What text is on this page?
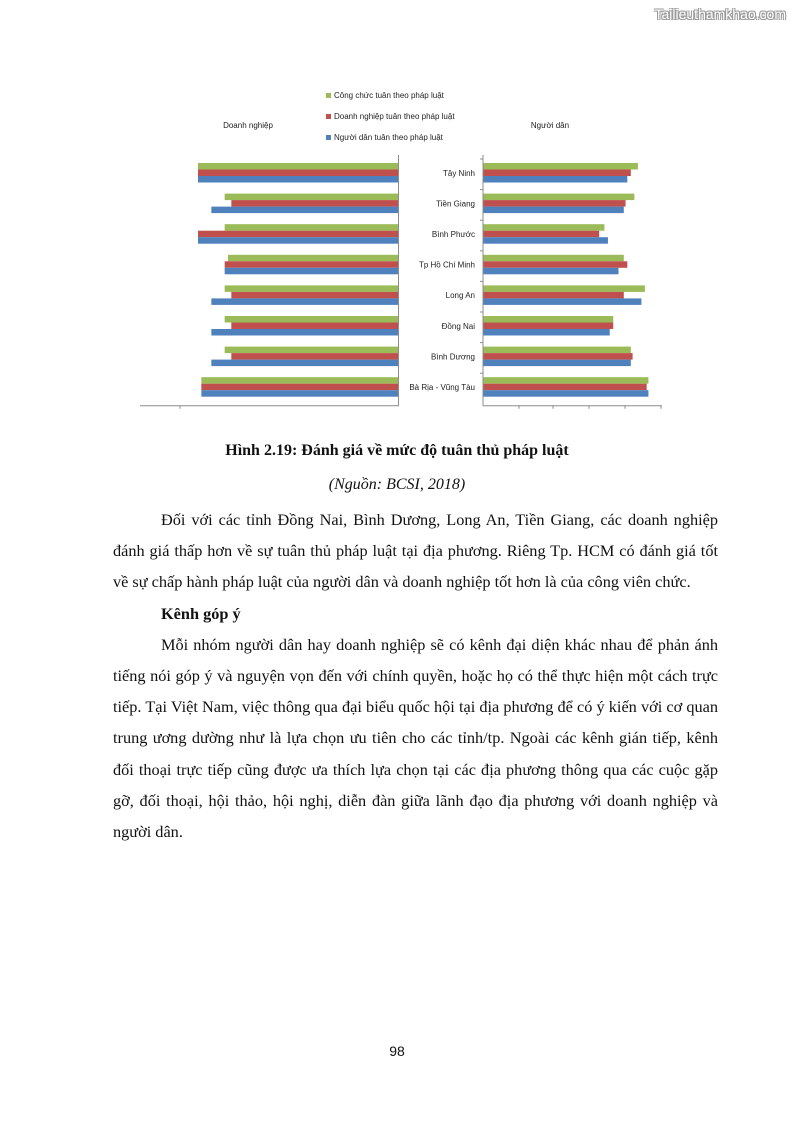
Tailieuthamkhao.com
Công chức tuân theo pháp luật
Doanh nghiệp tuân theo pháp luật
Người dân tuân theo pháp luật
Doanh nghiệp	Người dân
Tây Ninh
Tiền Giang
Bình Phước
Tp Hồ Chí Minh
Long An
Đồng Nai
Bình Dương
Bà Rịa - Vũng Tàu
Hình 2.19: Đánh giá về mức độ tuân thủ pháp luật
(Nguồn: BCSI, 2018)

Đối với các tỉnh Đồng Nai, Bình Dương, Long An, Tiền Giang, các doanh nghiệp đánh giá thấp hơn về sự tuân thủ pháp luật tại địa phương. Riêng Tp. HCM có đánh giá tốt về sự chấp hành pháp luật của người dân và doanh nghiệp tốt hơn là của công viên chức.

Kênh góp ý

Mỗi nhóm người dân hay doanh nghiệp sẽ có kênh đại diện khác nhau để phản ánh tiếng nói góp ý và nguyện vọn đến với chính quyền, hoặc họ có thể thực hiện một cách trực tiếp. Tại Việt Nam, việc thông qua đại biểu quốc hội tại địa phương để có ý kiến với cơ quan trung ương dường như là lựa chọn ưu tiên cho các tỉnh/tp. Ngoài các kênh gián tiếp, kênh đối thoại trực tiếp cũng được ưa thích lựa chọn tại các địa phương thông qua các cuộc gặp gỡ, đối thoại, hội thảo, hội nghị, diễn đàn giữa lãnh đạo địa phương với doanh nghiệp và người dân.

98
